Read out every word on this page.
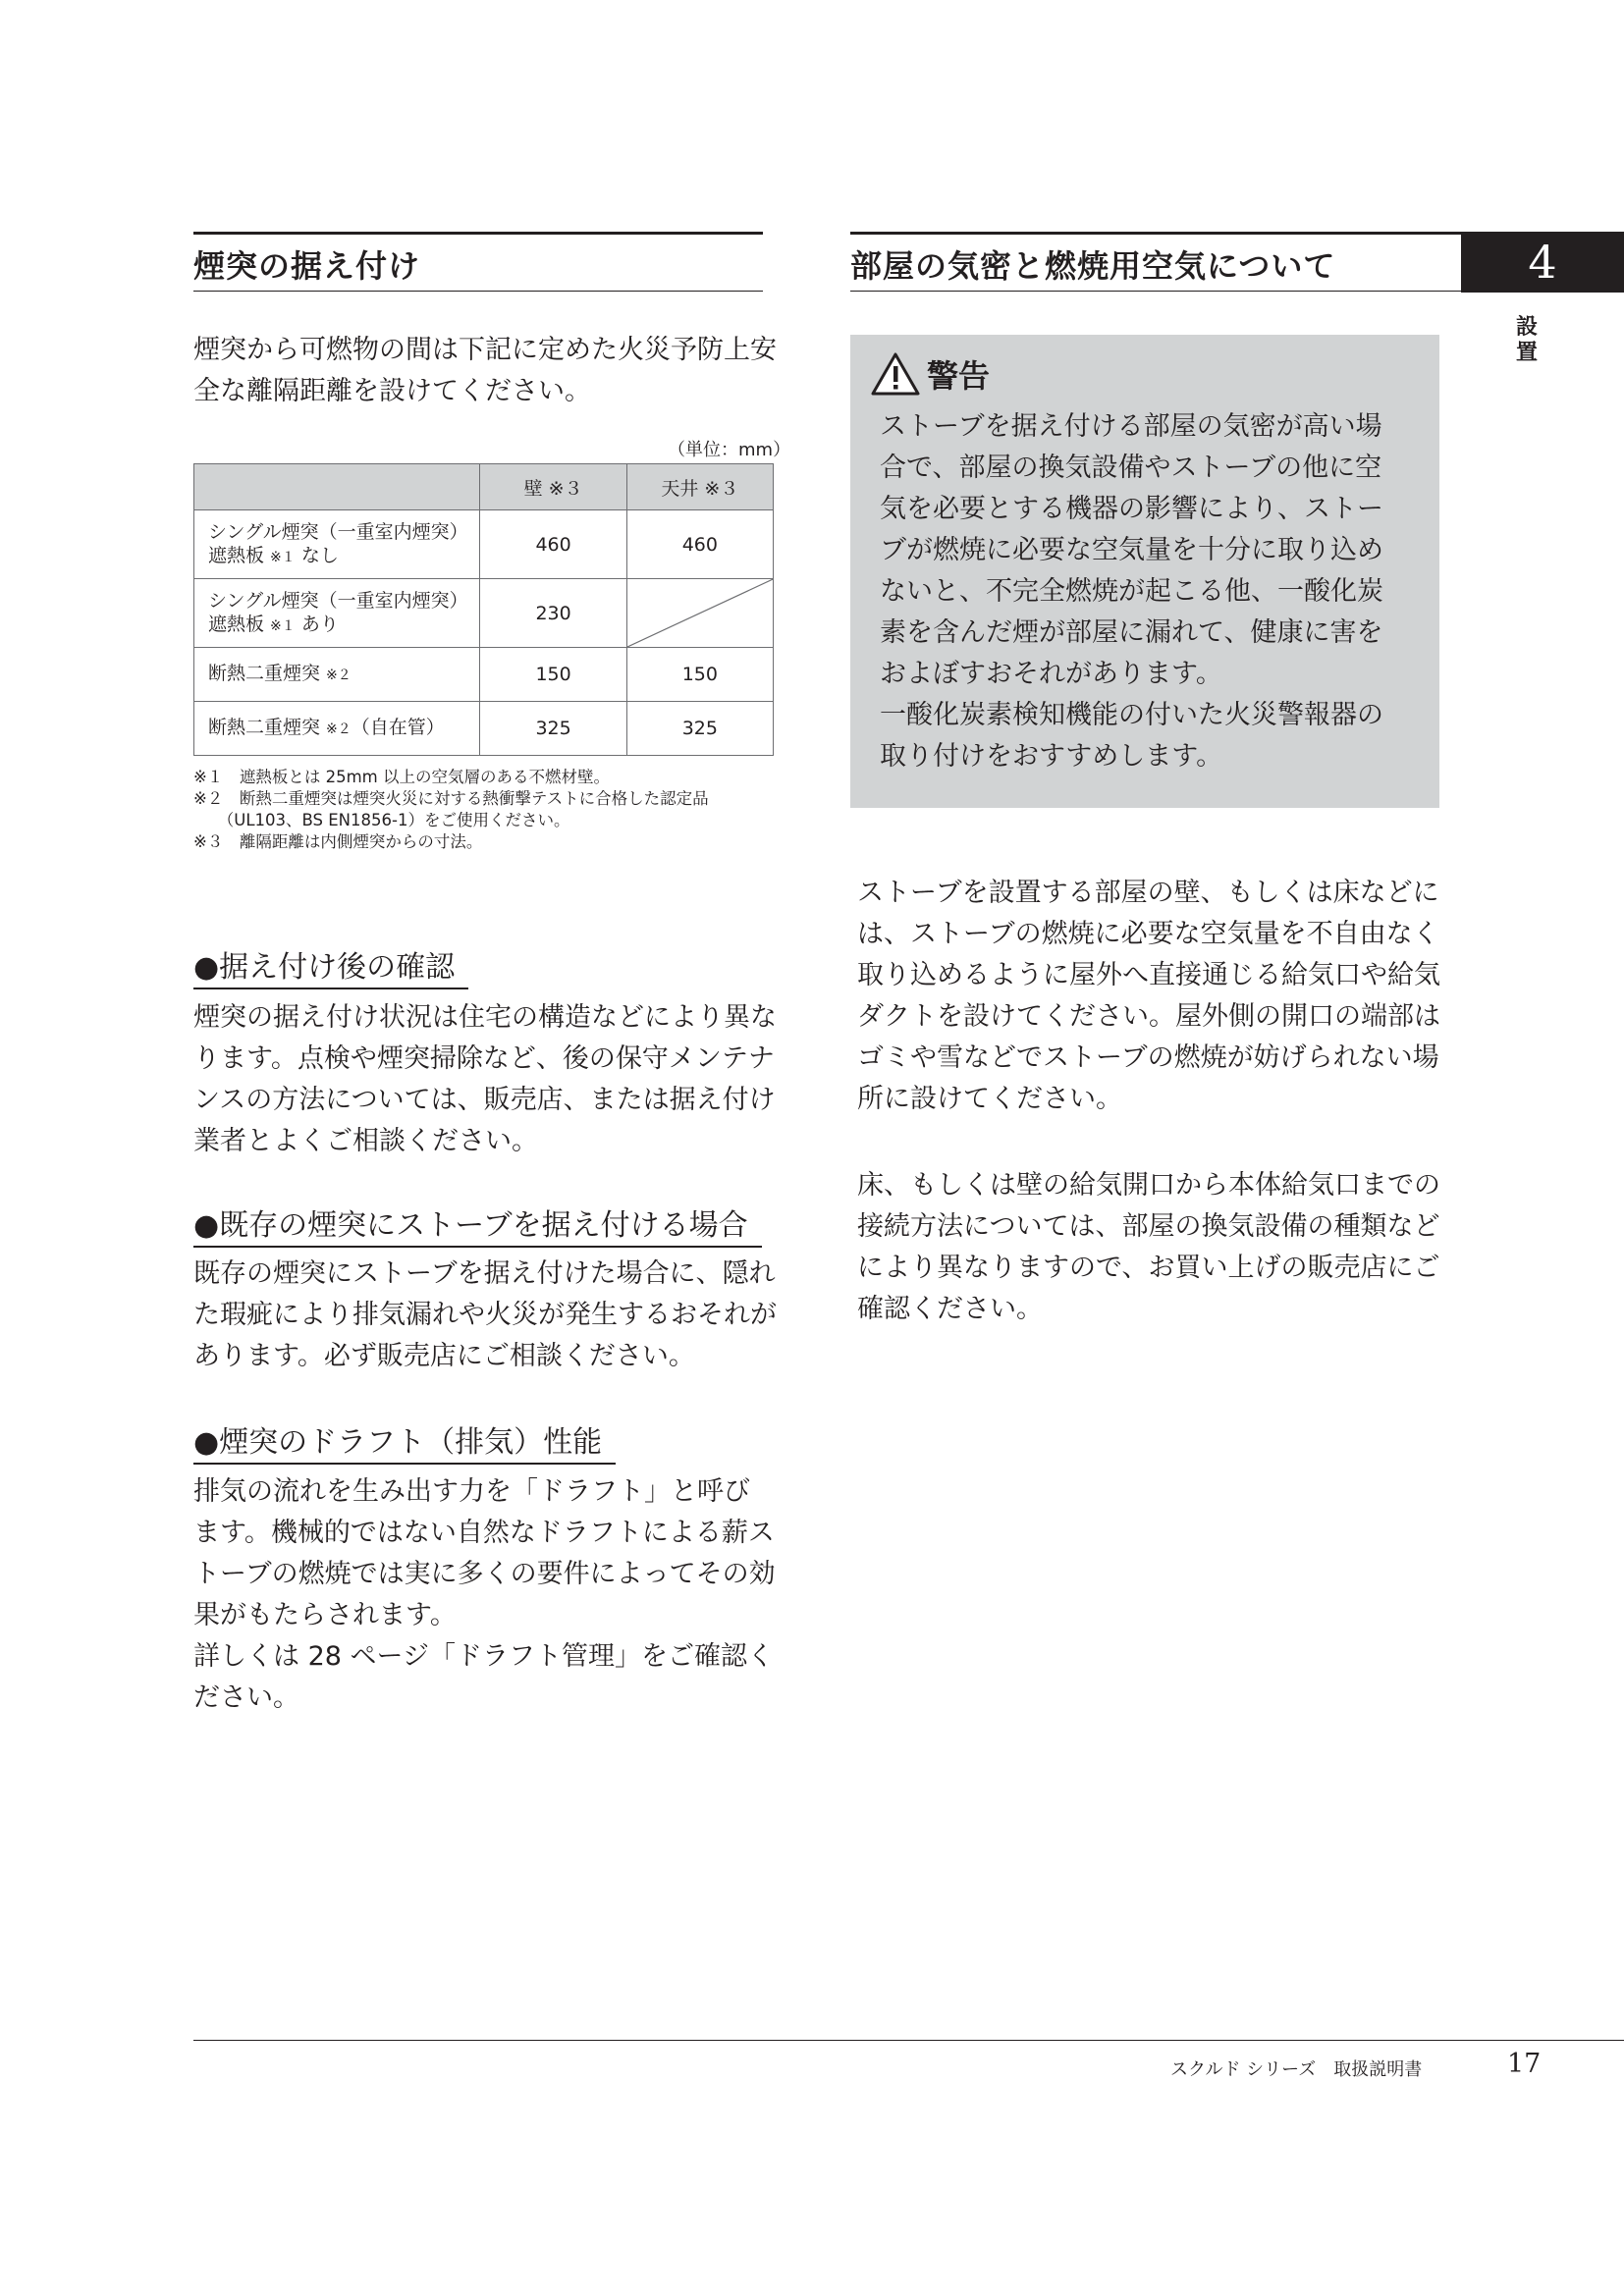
煙突の据え付け	部屋の気密と燃焼用空気について	4
設
置
煙突から可燃物の間は下記に定めた火災予防上安
全な離隔距離を設けてください。
（単位：mm）
	壁 ※３	天井 ※３

シングル煙突（一重室内煙突）
遮熱板 ※１ なし	460	460

シングル煙突（一重室内煙突）
遮熱板 ※１ あり	230	

断熱二重煙突 ※２	150	150
断熱二重煙突 ※２（自在管）	325	325
※１　遮熱板とは 25mm 以上の空気層のある不燃材壁。
※２　断熱二重煙突は煙突火災に対する熱衝撃テストに合格した認定品
　　（UL103、BS EN1856-1）をご使用ください。
※３　離隔距離は内側煙突からの寸法。
●据え付け後の確認
煙突の据え付け状況は住宅の構造などにより異な
ります。点検や煙突掃除など、後の保守メンテナ
ンスの方法については、販売店、または据え付け
業者とよくご相談ください。
●既存の煙突にストーブを据え付ける場合
既存の煙突にストーブを据え付けた場合に、隠れ
た瑕疵により排気漏れや火災が発生するおそれが
あります。必ず販売店にご相談ください。
●煙突のドラフト（排気）性能
排気の流れを生み出す力を「ドラフト」と呼び
ます。機械的ではない自然なドラフトによる薪ス
トーブの燃焼では実に多くの要件によってその効
果がもたらされます。
詳しくは 28 ページ「ドラフト管理」をご確認く
ださい。
警告
ストーブを据え付ける部屋の気密が高い場
合で、部屋の換気設備やストーブの他に空
気を必要とする機器の影響により、ストー
ブが燃焼に必要な空気量を十分に取り込め
ないと、不完全燃焼が起こる他、一酸化炭
素を含んだ煙が部屋に漏れて、健康に害を
およぼすおそれがあります。
一酸化炭素検知機能の付いた火災警報器の
取り付けをおすすめします。
ストーブを設置する部屋の壁、もしくは床などに
は、ストーブの燃焼に必要な空気量を不自由なく
取り込めるように屋外へ直接通じる給気口や給気
ダクトを設けてください。屋外側の開口の端部は
ゴミや雪などでストーブの燃焼が妨げられない場
所に設けてください。
床、もしくは壁の給気開口から本体給気口までの
接続方法については、部屋の換気設備の種類など
により異なりますので、お買い上げの販売店にご
確認ください。
スクルド シリーズ　取扱説明書	17
